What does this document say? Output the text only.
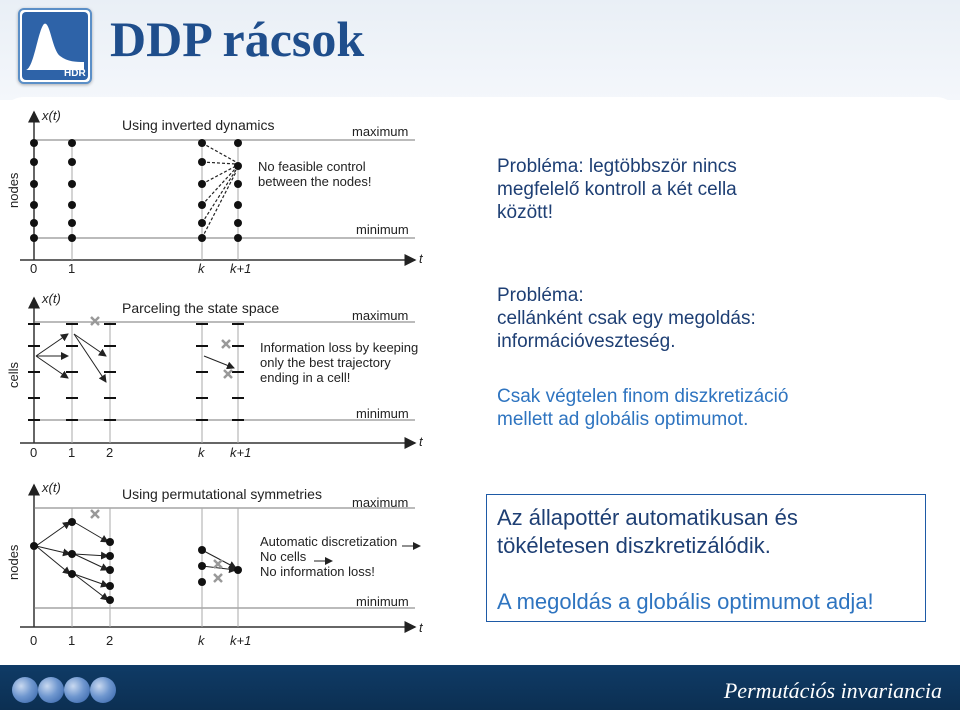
HDR
DDP rácsok
x(t)
nodes
Using inverted dynamics	maximum
minimum
t
No feasible control
between the nodes!
0 1	k k+1
x(t)
cells
Parceling the state space	maximum
minimum
t
Information loss by keeping
only the best trajectory
ending in a cell!
0 1 2	k k+1
x(t)
nodes
Using permutational symmetries
maximum
minimum
t
Automatic discretization
No cells
No information loss!
0 1 2	k k+1
Probléma: legtöbbször nincs
megfelelő kontroll a két cella
között!
Probléma:
cellánként csak egy megoldás:
információveszteség.
Csak végtelen finom diszkretizáció
mellett ad globális optimumot.
Az állapottér automatikusan és
tökéletesen diszkretizálódik.
A megoldás a globális optimumot adja!
Permutációs invariancia
